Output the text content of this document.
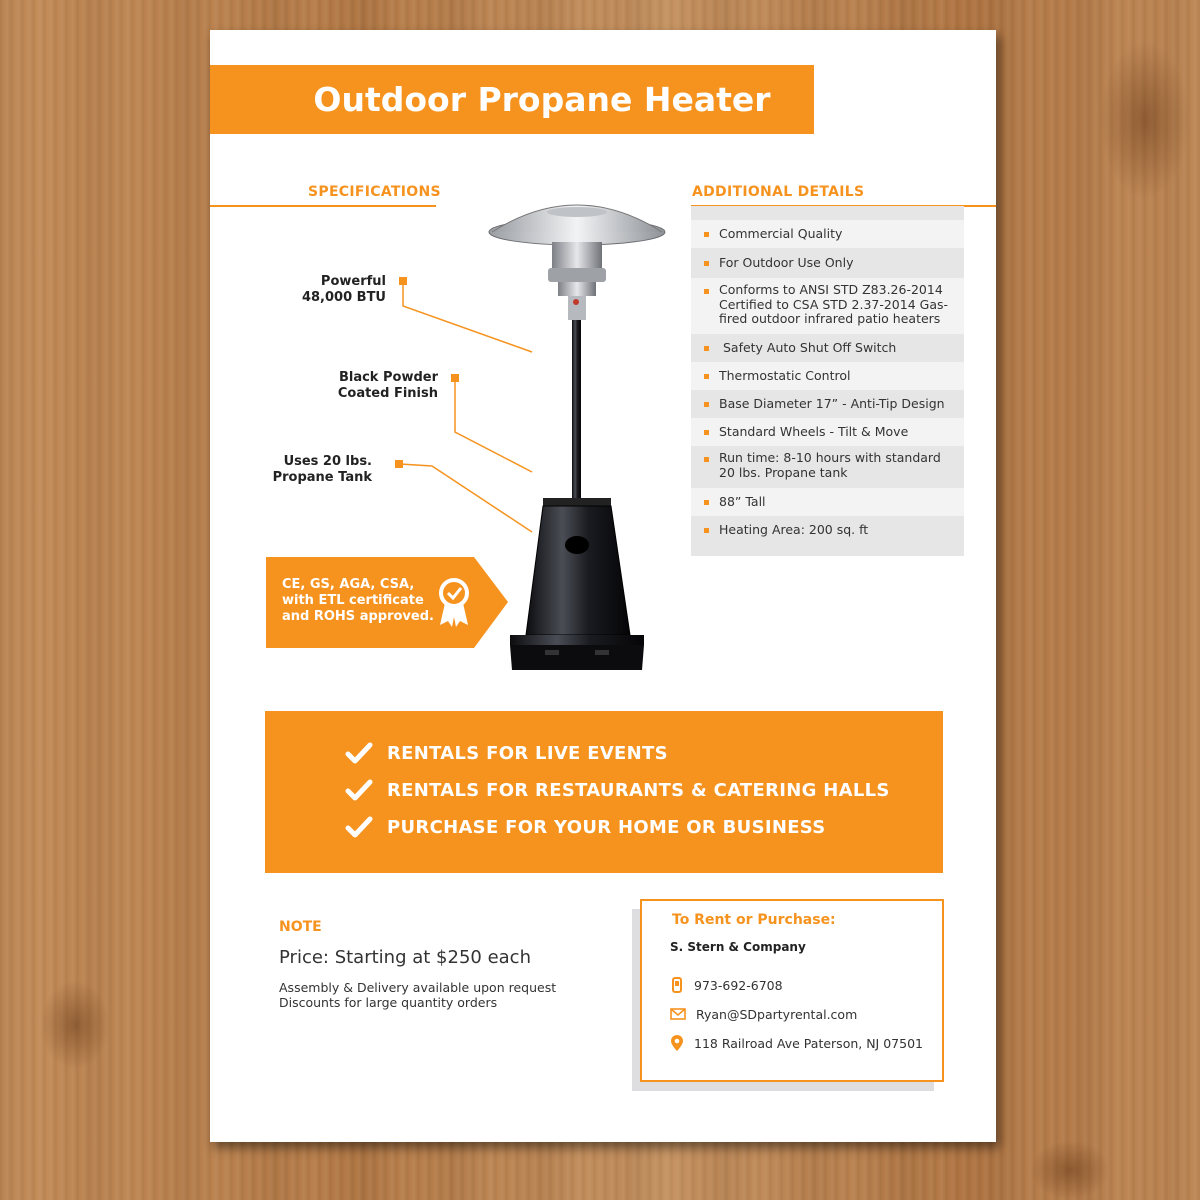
Outdoor Propane Heater
SPECIFICATIONS	ADDITIONAL DETAILS
Powerful
48,000 BTU
Black Powder
Coated Finish
Uses 20 lbs.
Propane Tank
Commercial Quality
For Outdoor Use Only
Conforms to ANSI STD Z83.26-2014 Certified to CSA STD 2.37-2014 Gas-fired outdoor infrared patio heaters
Safety Auto Shut Off Switch
Thermostatic Control
Base Diameter 17” - Anti-Tip Design
Standard Wheels - Tilt & Move
Run time: 8-10 hours with standard 20 lbs. Propane tank
88” Tall
Heating Area: 200 sq. ft
CE, GS, AGA, CSA,
with ETL certificate
and ROHS approved.
RENTALS FOR LIVE EVENTS
RENTALS FOR RESTAURANTS & CATERING HALLS
PURCHASE FOR YOUR HOME OR BUSINESS
NOTE
Price: Starting at $250 each
Assembly & Delivery available upon request
Discounts for large quantity orders
To Rent or Purchase:
S. Stern & Company
973-692-6708
Ryan@SDpartyrental.com
118 Railroad Ave Paterson, NJ 07501
